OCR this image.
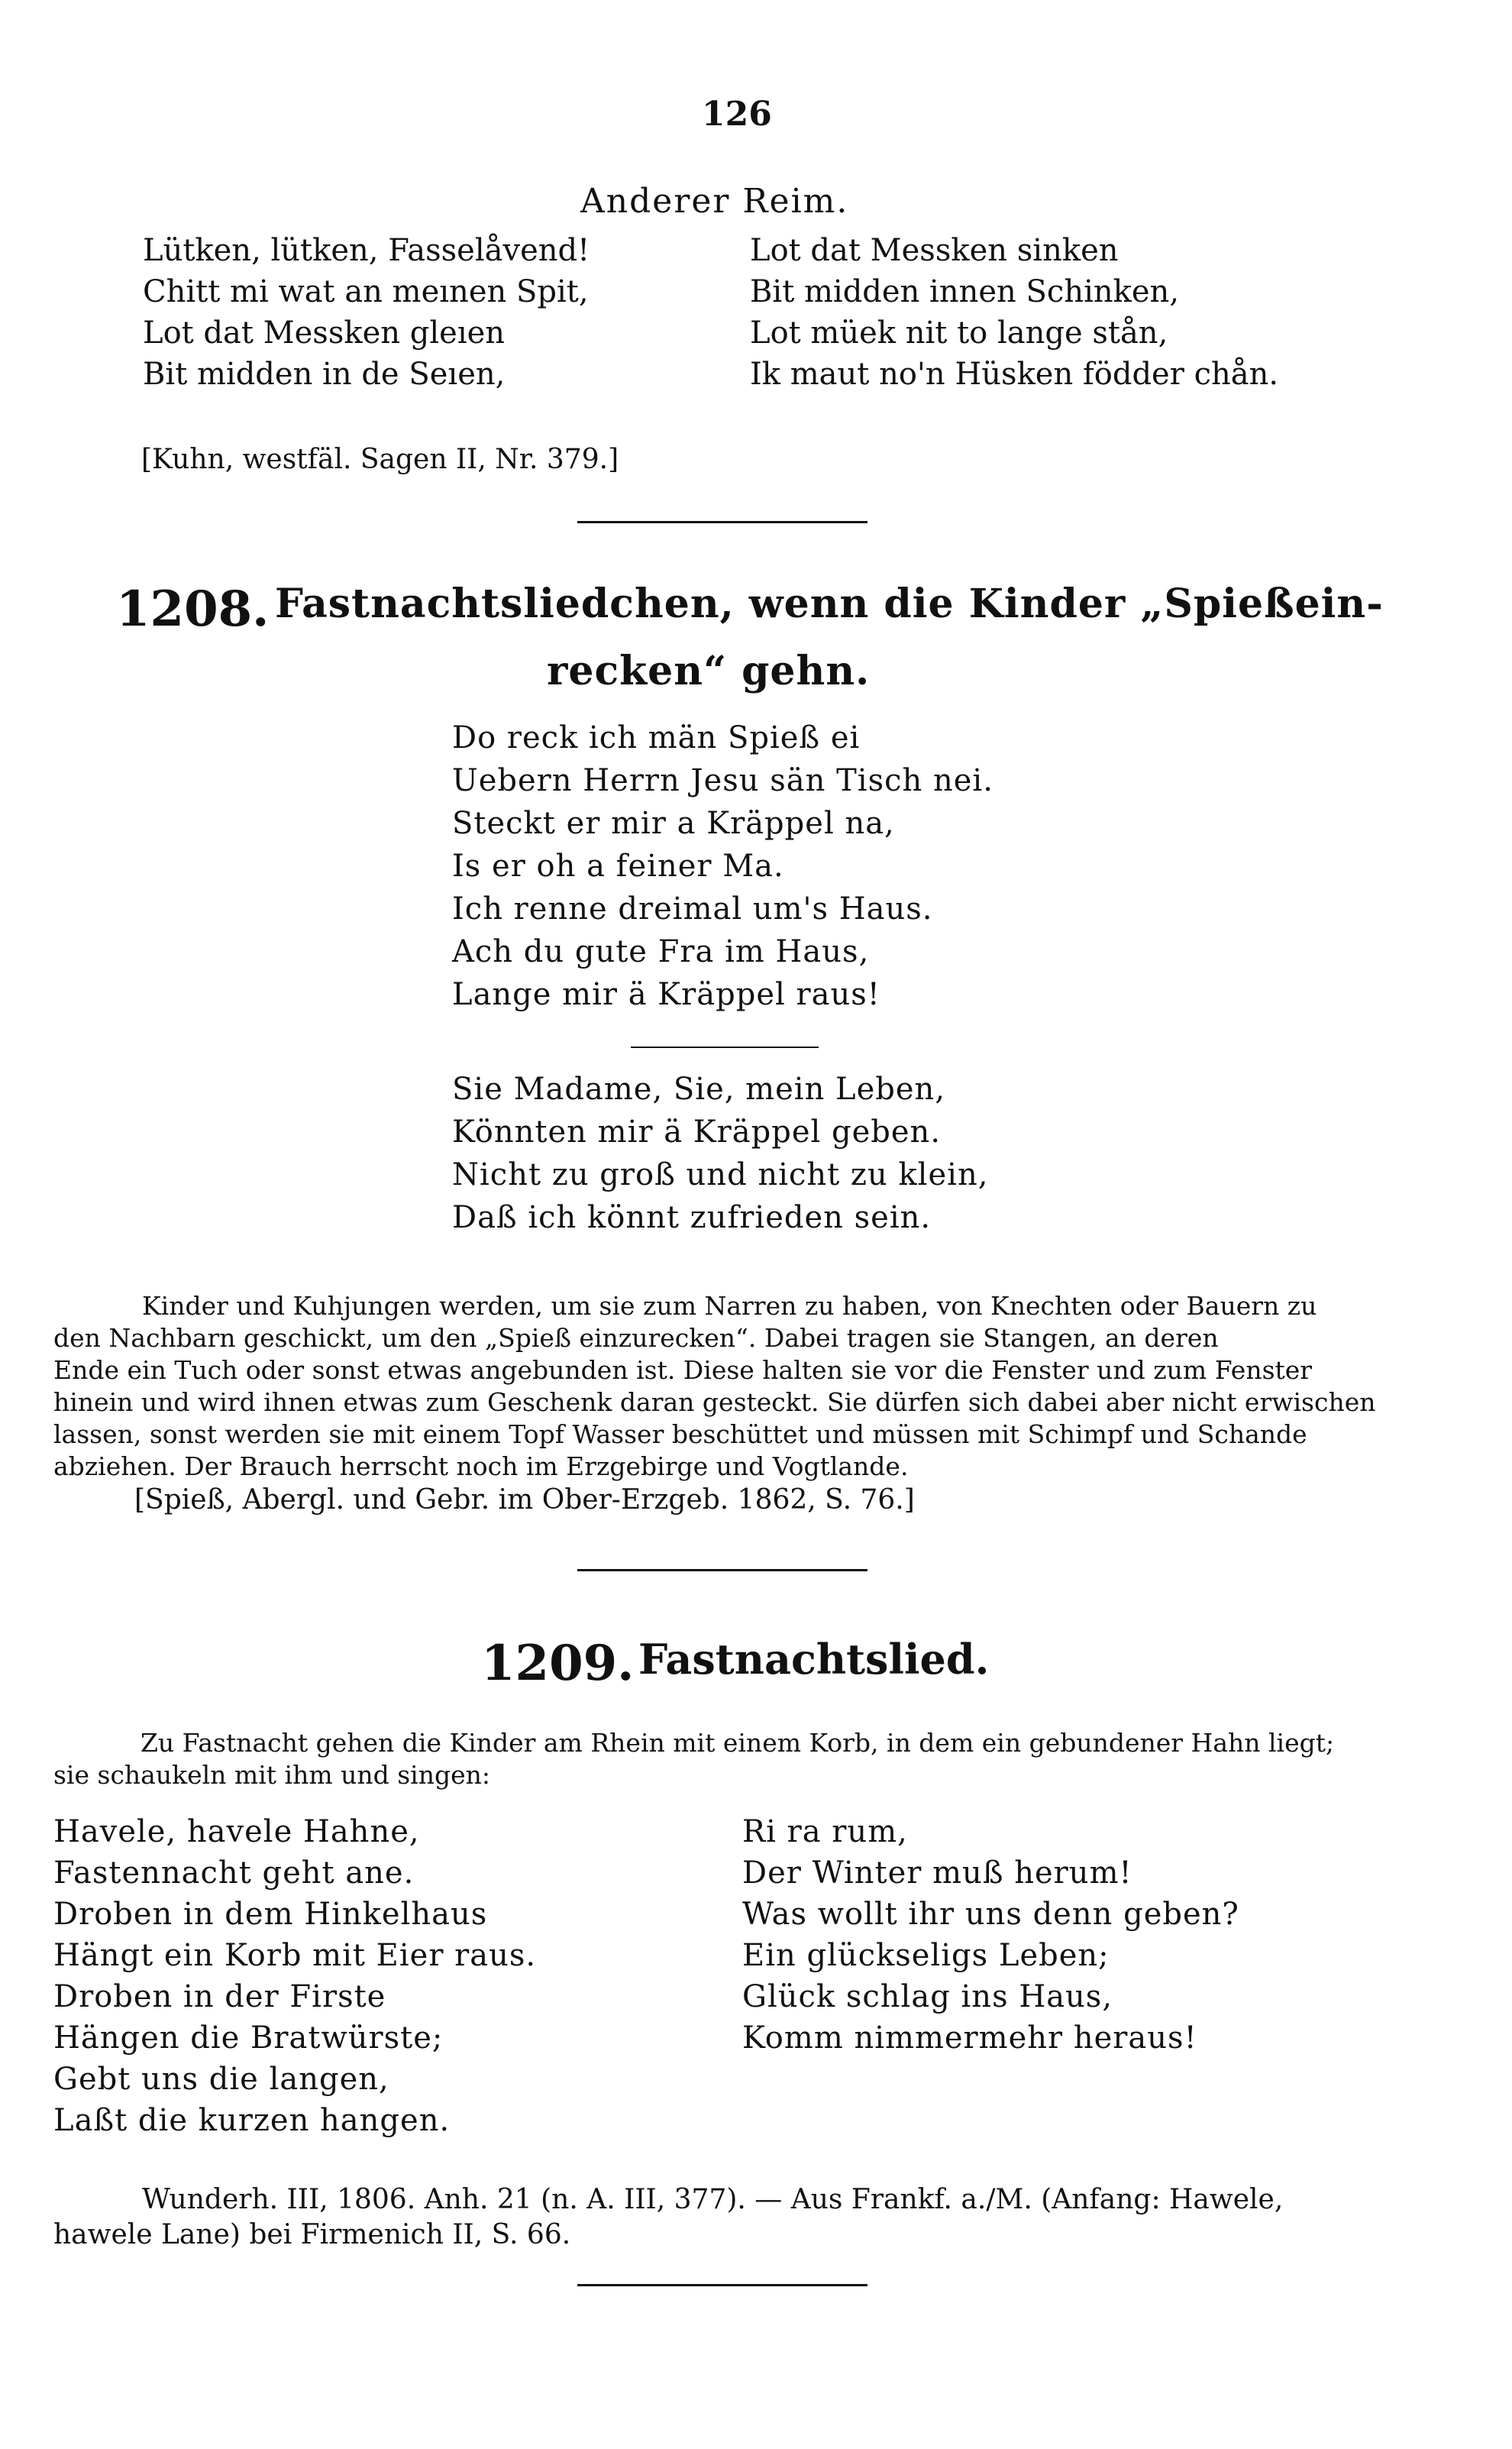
126
Anderer Reim.
Lütken, lütken, Fasselåvend!
Chitt mi wat an meınen Spit,
Lot dat Messken gleıen
Bit midden in de Seıen,
Lot dat Messken sinken
Bit midden innen Schinken,
Lot müek nit to lange stån,
Ik maut no'n Hüsken födder chån.
[Kuhn, westfäl. Sagen II, Nr. 379.]
1208. Fastnachtsliedchen, wenn die Kinder „Spießein-
recken“ gehn.
Do reck ich män Spieß ei
Uebern Herrn Jesu sän Tisch nei.
Steckt er mir a Kräppel na,
Is er oh a feiner Ma.
Ich renne dreimal um's Haus.
Ach du gute Fra im Haus,
Lange mir ä Kräppel raus!
Sie Madame, Sie, mein Leben,
Könnten mir ä Kräppel geben.
Nicht zu groß und nicht zu klein,
Daß ich könnt zufrieden sein.
Kinder und Kuhjungen werden, um sie zum Narren zu haben, von Knechten oder Bauern zu
den Nachbarn geschickt, um den „Spieß einzurecken“. Dabei tragen sie Stangen, an deren
Ende ein Tuch oder sonst etwas angebunden ist. Diese halten sie vor die Fenster und zum Fenster
hinein und wird ihnen etwas zum Geschenk daran gesteckt. Sie dürfen sich dabei aber nicht erwischen
lassen, sonst werden sie mit einem Topf Wasser beschüttet und müssen mit Schimpf und Schande
abziehen. Der Brauch herrscht noch im Erzgebirge und Vogtlande.
[Spieß, Abergl. und Gebr. im Ober-Erzgeb. 1862, S. 76.]
1209. Fastnachtslied.
Zu Fastnacht gehen die Kinder am Rhein mit einem Korb, in dem ein gebundener Hahn liegt;
sie schaukeln mit ihm und singen:
Havele, havele Hahne,
Fastennacht geht ane.
Droben in dem Hinkelhaus
Hängt ein Korb mit Eier raus.
Droben in der Firste
Hängen die Bratwürste;
Gebt uns die langen,
Laßt die kurzen hangen.
Ri ra rum,
Der Winter muß herum!
Was wollt ihr uns denn geben?
Ein glückseligs Leben;
Glück schlag ins Haus,
Komm nimmermehr heraus!
Wunderh. III, 1806. Anh. 21 (n. A. III, 377). — Aus Frankf. a./M. (Anfang: Hawele,
hawele Lane) bei Firmenich II, S. 66.
